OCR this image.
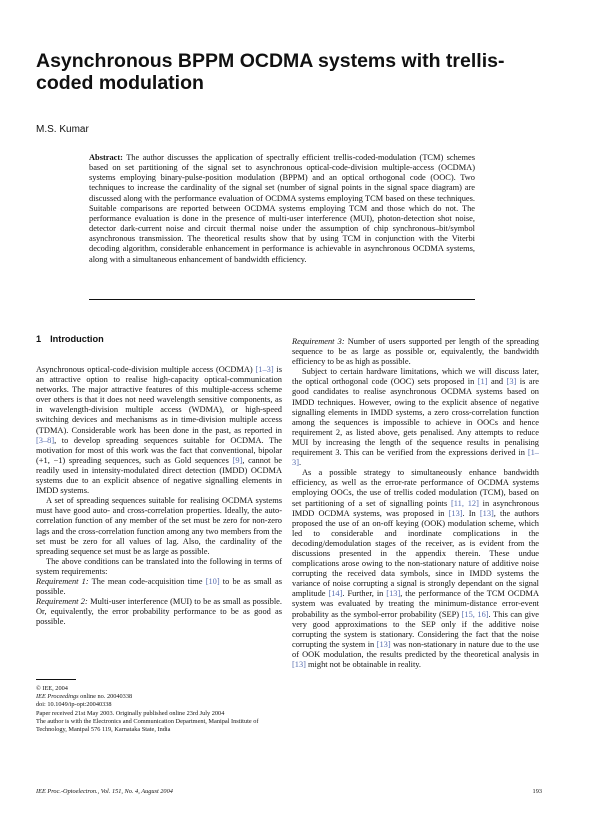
Asynchronous BPPM OCDMA systems with trellis-coded modulation
M.S. Kumar

Abstract: The author discusses the application of spectrally efficient trellis-coded-modulation (TCM) schemes based on set partitioning of the signal set to asynchronous optical-code-division multiple-access (OCDMA) systems employing binary-pulse-position modulation (BPPM) and an optical orthogonal code (OOC). Two techniques to increase the cardinality of the signal set (number of signal points in the signal space diagram) are discussed along with the performance evaluation of OCDMA systems employing TCM based on these techniques. Suitable comparisons are reported between OCDMA systems employing TCM and those which do not. The performance evaluation is done in the presence of multi-user interference (MUI), photon-detection shot noise, detector dark-current noise and circuit thermal noise under the assumption of chip synchronous–bit/symbol asynchronous transmission. The theoretical results show that by using TCM in conjunction with the Viterbi decoding algorithm, considerable enhancement in performance is achievable in asynchronous OCDMA systems, along with a simultaneous enhancement of bandwidth efficiency.

1 Introduction

Asynchronous optical-code-division multiple access (OCDMA) [1–3] is an attractive option to realise high-capacity optical-communication networks. The major attractive features of this multiple-access scheme over others is that it does not need wavelength sensitive components, as in wavelength-division multiple access (WDMA), or high-speed switching devices and mechanisms as in time-division multiple access (TDMA). Considerable work has been done in the past, as reported in [3–8], to develop spreading sequences suitable for OCDMA. The motivation for most of this work was the fact that conventional, bipolar (+1, −1) spreading sequences, such as Gold sequences [9], cannot be readily used in intensity-modulated direct detection (IMDD) OCDMA systems due to an explicit absence of negative signalling elements in IMDD systems.

A set of spreading sequences suitable for realising OCDMA systems must have good auto- and cross-correlation properties. Ideally, the auto-correlation function of any member of the set must be zero for non-zero lags and the cross-correlation function among any two members from the set must be zero for all values of lag. Also, the cardinality of the spreading sequence set must be as large as possible.

The above conditions can be translated into the following in terms of system requirements:

Requirement 1: The mean code-acquisition time [10] to be as small as possible.

Requirement 2: Multi-user interference (MUI) to be as small as possible. Or, equivalently, the error probability performance to be as good as possible.

Requirement 3: Number of users supported per length of the spreading sequence to be as large as possible or, equivalently, the bandwidth efficiency to be as high as possible.

Subject to certain hardware limitations, which we will discuss later, the optical orthogonal code (OOC) sets proposed in [1] and [3] is are good candidates to realise asynchronous OCDMA systems based on IMDD techniques. However, owing to the explicit absence of negative signalling elements in IMDD systems, a zero cross-correlation function among the sequences is impossible to achieve in OOCs and hence requirement 2, as listed above, gets penalised. Any attempts to reduce MUI by increasing the length of the sequence results in penalising requirement 3. This can be verified from the expressions derived in [1–3].

As a possible strategy to simultaneously enhance bandwidth efficiency, as well as the error-rate performance of OCDMA systems employing OOCs, the use of trellis coded modulation (TCM), based on set partitioning of a set of signalling points [11, 12] in asynchronous IMDD OCDMA systems, was proposed in [13]. In [13], the authors proposed the use of an on-off keying (OOK) modulation scheme, which led to considerable and inordinate complications in the decoding/demodulation stages of the receiver, as is evident from the discussions presented in the appendix therein. These undue complications arose owing to the non-stationary nature of additive noise corrupting the received data symbols, since in IMDD systems the variance of noise corrupting a signal is strongly dependant on the signal amplitude [14]. Further, in [13], the performance of the TCM OCDMA system was evaluated by treating the minimum-distance error-event probability as the symbol-error probability (SEP) [15, 16]. This can give very good approximations to the SEP only if the additive noise corrupting the system is stationary. Considering the fact that the noise corrupting the system in [13] was non-stationary in nature due to the use of OOK modulation, the results predicted by the theoretical analysis in [13] might not be obtainable in reality.

© IEE, 2004
IEE Proceedings online no. 20040338
doi: 10.1049/ip-opt:20040338
Paper received 21st May 2003. Originally published online 23rd July 2004
The author is with the Electronics and Communication Department, Manipal Institute of Technology, Manipal 576 119, Karnataka State, India
IEE Proc.-Optoelectron., Vol. 151, No. 4, August 2004	193
